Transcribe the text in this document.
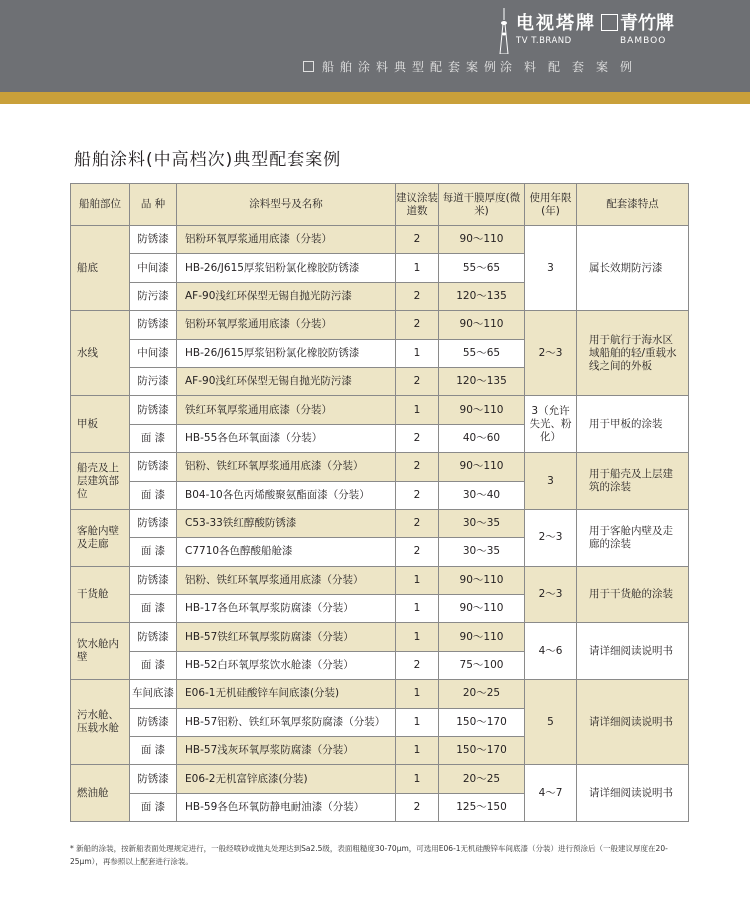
电视塔牌
TV T.BRAND
青竹牌
BAMBOO
船舶涂料典型配套案例
涂料配套案例
船舶涂料(中高档次)典型配套案例
船舶部位	品 种	涂料型号及名称	建议涂装道数	每道干膜厚度(微米)	使用年限(年)	配套漆特点
船底	防锈漆	铝粉环氧厚浆通用底漆（分装）	2	90～110	3	属长效期防污漆
	中间漆	HB-26/J615厚浆铝粉氯化橡胶防锈漆	1	55～65		
	防污漆	AF-90浅红环保型无锡自抛光防污漆	2	120～135		
水线	防锈漆	铝粉环氧厚浆通用底漆（分装）	2	90～110	2～3	用于航行于海水区域船舶的轻/重载水线之间的外板
	中间漆	HB-26/J615厚浆铝粉氯化橡胶防锈漆	1	55～65		
	防污漆	AF-90浅红环保型无锡自抛光防污漆	2	120～135		
甲板	防锈漆	铁红环氧厚浆通用底漆（分装）	1	90～110	3（允许失光、粉化）	用于甲板的涂装
	面 漆	HB-55各色环氧面漆（分装）	2	40～60		
船壳及上层建筑部位	防锈漆	铝粉、铁红环氧厚浆通用底漆（分装）	2	90～110	3	用于船壳及上层建筑的涂装
	面 漆	B04-10各色丙烯酸聚氨酯面漆（分装）	2	30～40		
客舱内壁及走廊	防锈漆	C53-33铁红醇酸防锈漆	2	30～35	2～3	用于客舱内壁及走廊的涂装
	面 漆	C7710各色醇酸船舱漆	2	30～35		
干货舱	防锈漆	铝粉、铁红环氧厚浆通用底漆（分装）	1	90～110	2～3	用于干货舱的涂装
	面 漆	HB-17各色环氧厚浆防腐漆（分装）	1	90～110		
饮水舱内壁	防锈漆	HB-57铁红环氧厚浆防腐漆（分装）	1	90～110	4～6	请详细阅读说明书
	面 漆	HB-52白环氧厚浆饮水舱漆（分装）	2	75～100		
污水舱、压载水舱	车间底漆	E06-1无机硅酸锌车间底漆(分装)	1	20～25	5	请详细阅读说明书
	防锈漆	HB-57铝粉、铁红环氧厚浆防腐漆（分装）	1	150～170		
	面 漆	HB-57浅灰环氧厚浆防腐漆（分装）	1	150～170		
燃油舱	防锈漆	E06-2无机富锌底漆(分装)	1	20～25	4～7	请详细阅读说明书
	面 漆	HB-59各色环氧防静电耐油漆（分装）	2	125～150		
* 新船的涂装，按新船表面处理规定进行，一般经喷砂或抛丸处理达到Sa2.5级，表面粗糙度30-70μm，可选用E06-1无机硅酸锌车间底漆（分装）进行预涂后（一般建议厚度在20-25μm），再参照以上配套进行涂装。
